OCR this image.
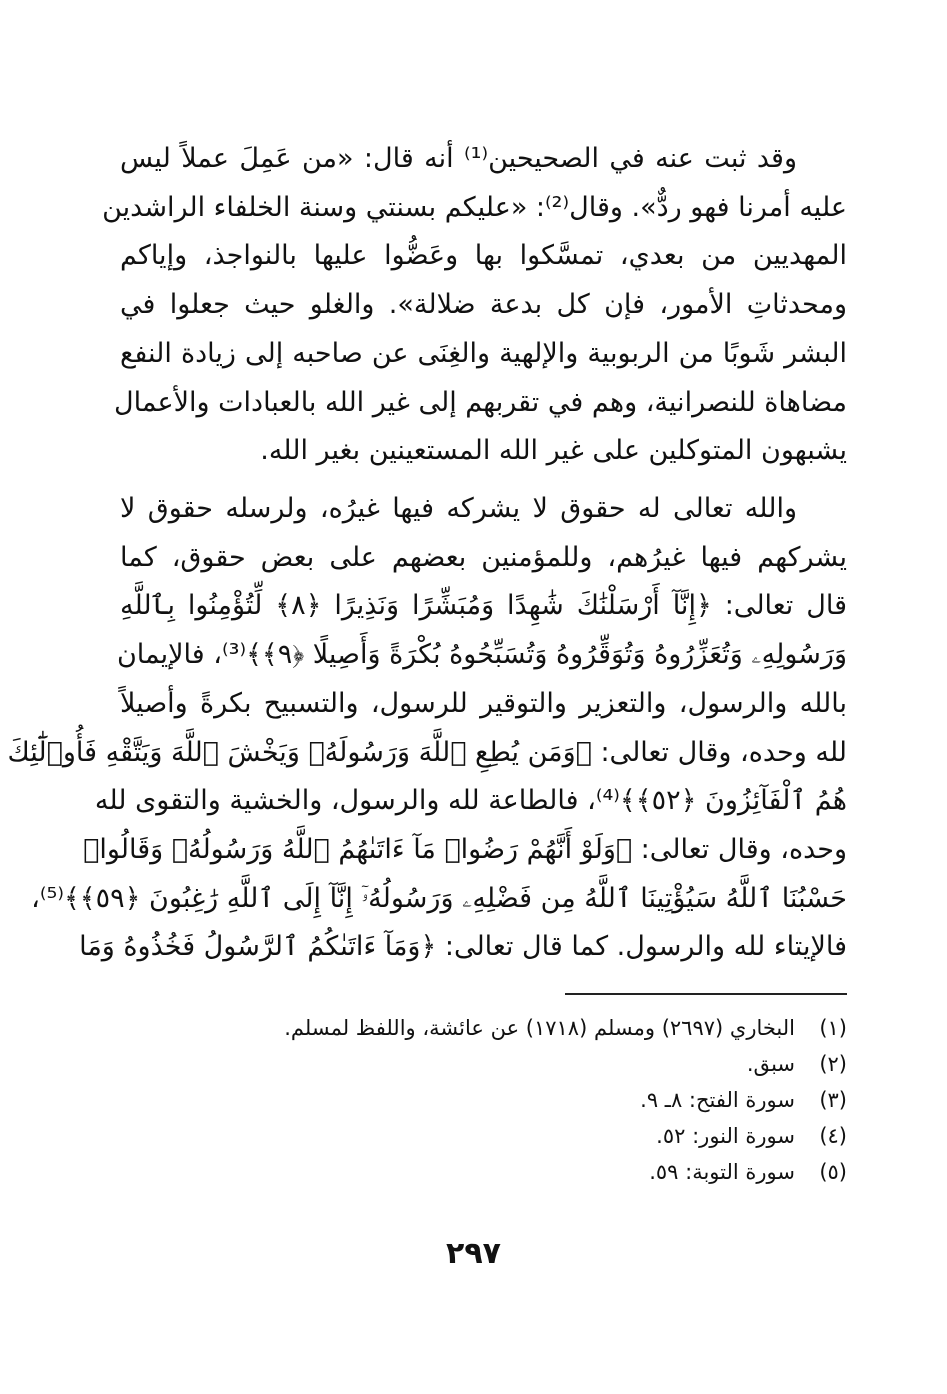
وقد ثبت عنه في الصحيحين⁽¹⁾ أنه قال: «من عَمِلَ عملاً ليس
عليه أمرنا فهو ردٌّ». وقال⁽²⁾: «عليكم بسنتي وسنة الخلفاء الراشدين
المهديين من بعدي، تمسَّكوا بها وعَضُّوا عليها بالنواجذ، وإياكم
ومحدثاتِ الأمور، فإن كل بدعة ضلالة». والغلو حيث جعلوا في
البشر شَوبًا من الربوبية والإلهية والغِنَى عن صاحبه إلى زيادة النفع
مضاهاة للنصرانية، وهم في تقربهم إلى غير الله بالعبادات والأعمال
يشبهون المتوكلين على غير الله المستعينين بغير الله.
والله تعالى له حقوق لا يشركه فيها غيرُه، ولرسله حقوق لا
يشركهم فيها غيرُهم، وللمؤمنين بعضهم على بعض حقوق، كما
قال تعالى: ﴿إِنَّآ أَرْسَلْنَٰكَ شَٰهِدًا وَمُبَشِّرًا وَنَذِيرًا ﴿٨﴾ لِّتُؤْمِنُوا بِٱللَّهِ
وَرَسُولِهِۦ وَتُعَزِّرُوهُ وَتُوَقِّرُوهُ وَتُسَبِّحُوهُ بُكْرَةً وَأَصِيلًا ﴿٩﴾﴾⁽³⁾، فالإيمان
بالله والرسول، والتعزير والتوقير للرسول، والتسبيح بكرةً وأصيلاً
لله وحده، وقال تعالى: ﴿وَمَن يُطِعِ ٱللَّهَ وَرَسُولَهُۥ وَيَخْشَ ٱللَّهَ وَيَتَّقْهِ فَأُو۟لَٰٓئِكَ
هُمُ ٱلْفَآئِزُونَ ﴿٥٢﴾﴾⁽⁴⁾، فالطاعة لله والرسول، والخشية والتقوى لله
وحده، وقال تعالى: ﴿وَلَوْ أَنَّهُمْ رَضُوا۟ مَآ ءَاتَىٰهُمُ ٱللَّهُ وَرَسُولُهُۥ وَقَالُوا۟
حَسْبُنَا ٱللَّهُ سَيُؤْتِينَا ٱللَّهُ مِن فَضْلِهِۦ وَرَسُولُهُۥٓ إِنَّآ إِلَى ٱللَّهِ رَٰغِبُونَ ﴿٥٩﴾﴾⁽⁵⁾،
فالإيتاء لله والرسول. كما قال تعالى: ﴿وَمَآ ءَاتَىٰكُمُ ٱلرَّسُولُ فَخُذُوهُ وَمَا
(١)البخاري (٢٦٩٧) ومسلم (١٧١٨) عن عائشة، واللفظ لمسلم.
(٢)سبق.
(٣)سورة الفتح: ٨ـ ٩.
(٤)سورة النور: ٥٢.
(٥)سورة التوبة: ٥٩.
٢٩٧
